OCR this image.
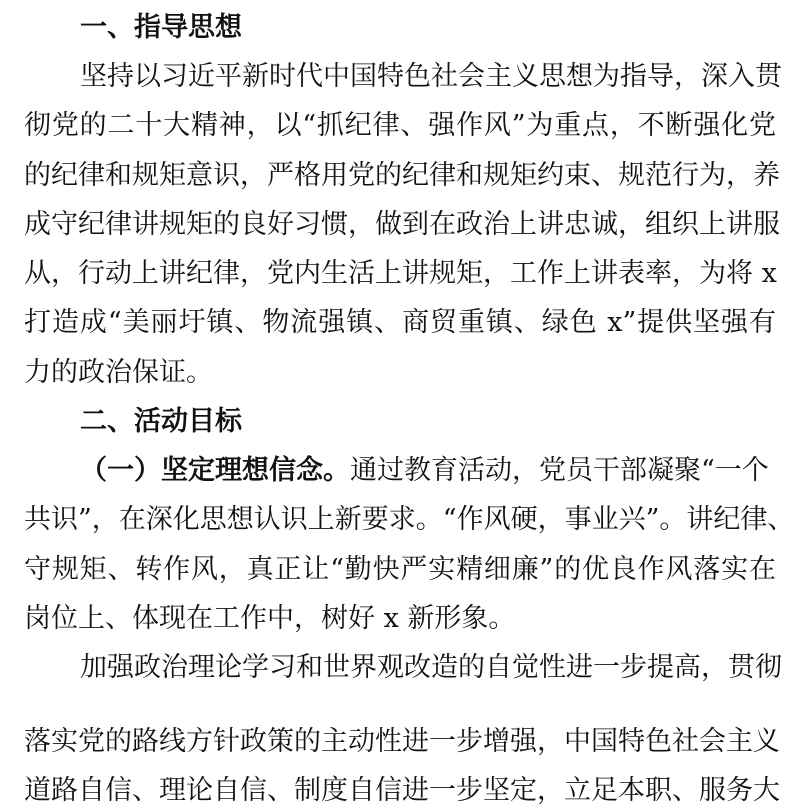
一、指导思想
坚持以习近平新时代中国特色社会主义思想为指导，深入贯
彻党的二十大精神，以“抓纪律、强作风”为重点，不断强化党
的纪律和规矩意识，严格用党的纪律和规矩约束、规范行为，养
成守纪律讲规矩的良好习惯，做到在政治上讲忠诚，组织上讲服
从，行动上讲纪律，党内生活上讲规矩，工作上讲表率，为将 x
打造成“美丽圩镇、物流强镇、商贸重镇、绿色 x”提供坚强有
力的政治保证。
二、活动目标
（一）坚定理想信念。通过教育活动，党员干部凝聚“一个
共识”，在深化思想认识上新要求。“作风硬，事业兴”。讲纪律、
守规矩、转作风，真正让“勤快严实精细廉”的优良作风落实在
岗位上、体现在工作中，树好 x 新形象。
加强政治理论学习和世界观改造的自觉性进一步提高，贯彻
落实党的路线方针政策的主动性进一步增强，中国特色社会主义
道路自信、理论自信、制度自信进一步坚定，立足本职、服务大
